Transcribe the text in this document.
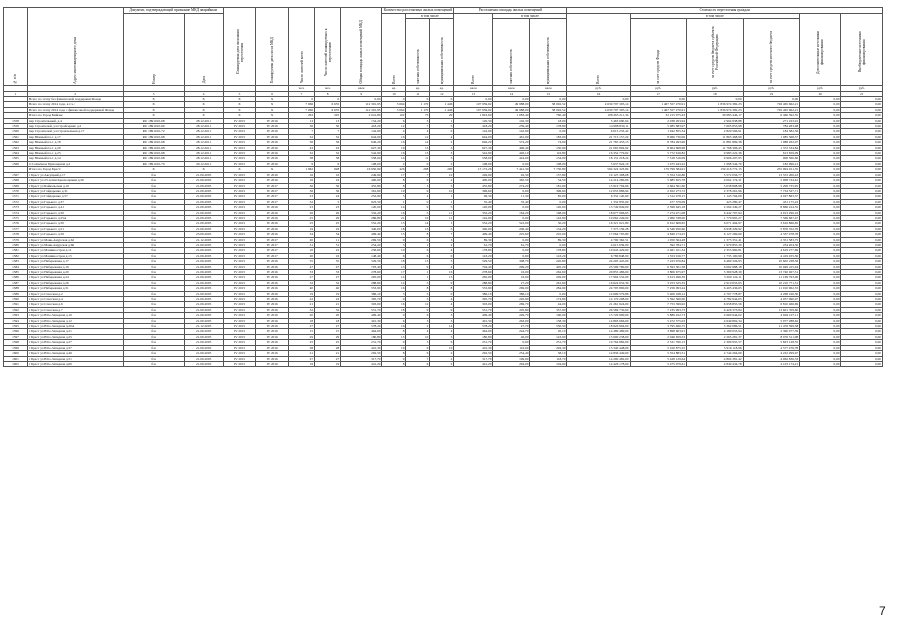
№ п/п	Адрес многоквартирного дома	Документ, подтверждающий признание МКД аварийным		Планируемая дата окончания переселения	Планируемая дата сноса МКД	Число жителей всего	Число жителей планируемых к переселению	Общая площадь жилых помещений МКД	Количество расселяемых жилых помещений			Расселяемая площадь жилых помещений			Стоимость переселения граждан					
		Номер	Дата						Всего	в том числе		Всего	в том числе		Всего	в том числе			Дополнительные источники финансирования	Внебюджетные источники финансирования
										частная собственность	муниципальная собственность		частная собственность	муниципальная собственность		за счет средств Фонда	за счет средств бюджета субъекта Российской Федерации	за счет средств местного бюджета		
						чел.	чел.	кв.м	ед.	ед.	ед.	кв.м	кв.м	кв.м	руб.	руб.	руб.	руб.	руб.	руб.
1	2	3	4	5	6	7	8	9	10	11	12	13	14	15	16	17	18	19	20	21
	Всего по этапу без финансовой поддержки Фонда	X	X	X	X	0	0	0,00	0	0	0	0,00	0,00	0,00	0,00	0,00	0,00	0,00	0,00	0,00
	Всего по этапу 2014 года, в т.ч.:	X	X	X	X	7 066	6 635	112 391,95	3 664	1 170	1 446	107 959,92	49 988,00	58 092,52	4 630 797 305,14	1 467 557 270,91	1 836 974 382,23	726 465 662,21	0,00	0,00
	Всего по этапу 2014 года с финансовой поддержкой Фонда	X	X	X	X	7 066	6 635	112 391,95	3 664	1 170	1 446	107 959,92	49 988,00	58 092,52	4 630 797 305,14	1 467 557 270,91	1 836 974 382,23	726 465 662,21	0,00	0,00
	Итого по Город Бийськ:	X	X	X	X	263	245	2 041,80	102	73	29	1 843,60	1 083,40	760,40	108 265 211,34	32 215 075,63	39 683 446,17	6 466 392,55	0,00	0,00
1558	пер Строительный, д.4	RU 1891010-68	28.12.2011	IV 2015	IV 2016	13	13	154,20	6	5	1	120,30	102,30	18,00	5 463 600,64	2 038 263,94	2 904 938,88	271 163,91	0,00	0,00
1559	пер Строителей, ул.Стройсервис д.2	RU 1891010-69	28.12.2011	IV 2015	IV 2016	36	30	418,20	12	7	5	418,20	239,40	178,80	14 988 830,11	5 085 683,97	7 695 853,98	784 283,98	0,00	0,00
1560	пер Строителей, ул.Строительная д.17	RU 1891010-72	28.12.2011	IV 2015	IV 2016	7	7	142,90	4	4	0	142,90	142,90	0,00	6 015 233,42	1 942 855,34	2 829 566,91	184 582,56	0,00	0,00
1561	пер Южный пл-1 д.17	RU 1891010-68	28.12.2011	IV 2015	IV 2016	32	32	644,00	16	12	4	644,00	461,00	183,00	21 715 157,24	8 966 730,06	11 863 468,99	1 085 368,37	0,00	0,00
1562	пер Южный пл-1 д.18	RU 1891010-68	28.12.2011	IV 2015	IV 2016	36	36	646,20	16	14	2	646,20	572,20	74,00	21 765 453,13	8 784 493,96	11 881 809,38	1 088 262,97	0,00	0,00
1563	пер Южный пл-1 д.20	RU 1891010-68	28.12.2011	IV 2015	IV 2016	43	43	627,30	16	13	3	627,30	496,40	130,90	21 065 804,92	8 604 608,98	11 708 306,45	1 372 334,84	0,00	0,00
1564	пер Южный пл-1 д.23	RU 1891010-68	28.12.2011	IV 2015	IV 2016	32	32	542,90	16	13	3	542,90	426,10	116,80	16 352 779,62	5 772 616,82	9 983 222,36	613 659,09	0,00	0,00
1565	пер Южный пл-1 д.14	RU 1891010-68	28.12.2011	IV 2015	IV 2016	38	38	558,00	14	11	3	558,00	424,00	134,00	18 131 218,24	7 318 516,09	9 906 297,95	906 560,60	0,00	0,00
1566	п Солнечное Приозерная д.2	RU 1891010-70	20.12.2011	IV 2015	IV 2016	9	9	108,00	2	0	2	108,00	0,00	108,00	3 637 924,19	1 475 443,22	1 998 344,70	182 096,21	0,00	0,00
	Итого по Город Брест:	X	X	X	X	1 962	928	16 950,99	426	298	200	15 172,26	7 441,30	7 730,80	594 324 323,84	179 799 584,91	159 216 772,15	255 994 451,35	0,00	0,00
1567	г Брест ул Аксуцкий д.17	б/н	21.09.2005	IV 2015	IV 2016	16	16	249,90	17	7	10	249,90	92,30	157,80	19 125 308,08	5 354 510,86	5 572 056,77	13 553 200,43	0,00	0,00
1568	г Брест ул 23 летия Красноармии д.26	б/н	21.09.2005	IV 2015	IV 2016	16	16	400,00	8	6	2	400,00	365,50	34,50	14 214 280,06	5 685 655,78	4 002 174,31	5 908 724,61	0,00	0,00
1569	г Брест ул Байкальская д.16	б/н	21.09.2005	IV 2015	IV 2017	36	36	455,80	8	3	5	455,80	274,20	181,60	13 919 794,66	2 664 361,60	5 038 808,98	5 299 735,95	0,00	0,00
1570	г Брест ул Гайдаренко д.31	б/н	21.09.2005	IV 2015	IV 2017	36	36	391,60	19	9	10	396,60	0,00	396,60	12 653 886,94	2 652 273,72	2 378 261,96	7 734 327,71	0,00	0,00
1571	г Брест ул Гайдаренко д.57	б/н	21.09.2005	IV 2015	IV 2017	23	24	252,90	5	4	1	96,30	11,30	85,00	6 332 120,60	1 312 478,15	1 143 794,09	4 027 863,37	0,00	0,00
1572	г Брест ул Горького д.37	б/н	21.09.2005	IV 2015	IV 2017	32	5	923,50	1	0	1	35,40	35,40	0,00	1 332 835,00	477 379,09	423 280,47	431 175,22	0,00	0,00
1573	г Брест ул Горького д.41	б/н	21.09.2005	IV 2015	IV 2016	23	23	120,00	14	9	5	120,00	0,00	120,00	13 749 849,00	2 599 645,18	2 294 349,27	8 866 224,55	0,00	0,00
1574	г Брест ул Горького д.50	б/н	21.09.2005	IV 2015	IV 2016	26	26	332,20	16	5	11	332,20	164,20	168,00	18 677 996,63	7 274 471,08	6 442 707,94	4 913 296,16	0,00	0,00
1575	г Брест ул Горького д.25А	б/н	21.09.2005	IV 2015	IV 2016	25	29	286,80	21	10	11	142,90	0,00	142,90	10 062 249,00	1 960 338,00	1 779 905,27	7 569 667,47	0,00	0,00
1576	г Брест ул Горького д.50	б/н	21.09.2005	IV 2015	IV 2016	25	25	552,20	15	14	1	552,20	522,00	30,20	16 321 921,80	6 612 608,65	6 071 494,97	3 616 866,65	0,00	0,00
1577	г Брест ул Горького д.51	б/н	21.09.2005	IV 2015	IV 2016	19	19	340,00	18	13	5	340,00	206,40	134,20	7 375 159,28	6 546 950,60	6 938 329,92	5 876 352,76	0,00	0,00
1578	г Брест ул Горького д.56	б/н	23.09.2005	IV 2015	IV 2016	34	34	409,40	15	8	7	409,40	225,60	210,00	17 064 705,80	4 849 174,25	6 127 269,69	4 337 078,78	0,00	0,00
1579	г Брест ул Маяк-Амурская д.62	б/н	21.12.2005	IV 2015	IV 2017	20	11	269,50	9	6	3	89,30	0,00	89,30	4 790 362,51	1 050 364,28	1 373 351,41	2 351 583,75	0,00	0,00
1580	г Брест ул Маяк-Амурская д.66	б/н	21.09.2005	IV 2015	IV 2017	31	31	254,20	3	1	2	61,70	61,70	0,00	4 615 639,00	592 784,71	1 979 855,30	234 204,30	0,00	0,00
1581	г Брест ул Машиностроя д.11	б/н	21.09.2005	IV 2015	IV 2017	10	22	236,60	10	6	4	178,80	0,00	178,80	10 643 429,00	2 461 101,34	2 353 960,81	4 619 277,69	0,00	0,00
1582	г Брест ул Машиностроя д.13	б/н	21.09.2005	IV 2015	IV 2017	20	16	148,40	6	6	0	143,20	0,00	143,20	6 786 848,00	1 553 016,77	1 735 100,99	4 419 455,36	0,00	0,00
1583	г Брест ул Набережная д.17	б/н	21.09.2005	IV 2015	IV 2016	35	35	529,50	18	13	5	529,50	308,70	220,80	24 295 445,00	7 223 970,84	6 469 326,93	10 602 238,36	0,00	0,00
1584	г Брест ул Набережная д.19	б/н	21.09.2005	IV 2015	IV 2016	47	47	703,40	13	9	4	704,40	299,20	405,20	23 599 780,00	6 593 301,58	6 062 988,18	10 949 415,94	0,00	0,00
1585	г Брест ул Набережная д.20	б/н	21.09.2005	IV 2015	IV 2016	33	33	278,60	17	1	16	278,60	16,00	262,60	20 855 486,00	3 806 675,97	3 369 928,39	13 740 927,31	0,00	0,00
1586	г Брест ул Набережная д.24	б/н	21.09.2005	IV 2015	IV 2016	27	27	265,00	14	1	13	265,00	16,00	249,00	17 994 532,00	3 613 496,39	3 209 124,11	11 169 793,00	0,00	0,00
1587	г Брест ул Набережная д.26	б/н	21.09.2005	IV 2015	IV 2016	32	32	288,80	14	5	9	288,80	27,20	261,60	16 624 632,39	3 253 325,35	2 910 653,65	10 210 771,31	0,00	0,00
1588	г Брест ул Набережная д.31	б/н	21.09.2005	IV 2015	IV 2016	40	40	553,90	16	8	8	553,90	269,00	284,90	24 795 890,00	7 256 093,24	6 403 436,65	11 010 962,55	0,00	0,00
1589	г Брест ул Спасская д.2	б/н	21.09.2005	IV 2015	IV 2016	19	19	386,10	5	5	0	386,10	386,10	0,00	14 699 579,86	5 400 168,12	4 707 778,87	4 268 196,50	0,00	0,00
1590	г Брест ул Спасская д.4	б/н	21.09.2005	IV 2015	IV 2016	22	22	395,70	9	5	4	395,70	220,90	174,80	14 170 298,00	5 592 560,00	4 782 944,05	4 057 990,07	0,00	0,00
1591	г Брест ул Спасская д.6	б/н	21.09.2005	IV 2015	IV 2016	21	21	303,00	16	12	4	303,00	269,70	44,00	21 261 924,00	7 753 399,92	6 658 855,56	6 810 466,69	0,00	0,00
1592	г Брест ул Спасская д.7	б/н	21.09.2005	IV 2015	IV 2016	32	32	551,70	18	9	9	551,70	205,80	357,90	26 569 730,00	7 235 993,73	6 426 373,84	13 601 359,60	0,00	0,00
1593	г Брест ул Юго-Западная д.10	б/н	21.09.2005	IV 2015	IV 2016	20	20	409,40	9	6	3	409,40	249,70	160,00	13 729 990,00	5 889 452,73	4 660 944,02	4 694 107,11	0,00	0,00
1594	г Брест ул Юго-Западная д.12	б/н	21.09.2005	IV 2015	IV 2016	18	18	401,30	6	3	3	401,30	263,00	138,30	14 893 666,00	5 472 575,03	4 649 802,34	5 077 288,62	0,00	0,00
1595	г Брест ул Юго-Западная д.20А	б/н	21.12.2005	IV 2015	IV 2016	27	27	578,20	16	2	14	578,20	27,70	550,50	18 626 994,00	3 795 460,75	3 362 086,51	11 476 399,38	0,00	0,00
1596	г Брест ул Юго-Западная д.21	б/н	21.09.2005	IV 2015	IV 2016	15	15	464,00	8	4	4	464,00	244,70	20,10	14 489 489,00	3 898 603,91	4 180 653,94	2 390 077,39	0,00	0,00
1597	г Брест ул Юго-Западная д.25	б/н	21.09.2005	IV 2015	IV 2016	29	29	180,80	15	10	5	180,80	46,00	143,00	15 600 238,00	2 046 659,53	2 265 281,37	8 035 511,98	0,00	0,00
1598	г Брест ул Юго-Западная д.27	б/н	21.09.2005	IV 2015	IV 2016	25	25	231,70	9	3	6	231,70	0,00	231,70	10 764 882,00	2 531 760,13	2 309 955,57	5 823 128,55	0,00	0,00
1599	г Брест ул Юго-Западная д.37	б/н	21.09.2005	IV 2015	IV 2016	28	28	410,30	16	6	10	410,30	116,00	294,30	15 340 448,00	5 106 875,25	5 916 118,96	4 577 476,78	0,00	0,00
1600	г Брест ул Юго-Западная д.46	б/н	21.09.2005	IV 2015	IV 2016	21	21	292,50	8	6	2	292,50	254,40	38,10	14 836 449,00	5 354 883,31	4 744 264,69	4 222 299,97	0,00	0,00
1601	г Брест ул Юго-Западная д.51	б/н	21.09.2005	IV 2015	IV 2016	27	27	317,70	9	7	2	317,70	199,00	118,70	14 290 482,00	5 428 129,64	4 804 381,42	4 062 836,33	0,00	0,00
1602	г Брест ул Юго-Западная д.60	б/н	21.09.2005	IV 2015	IV 2016	19	19	441,20	8	6	2	441,20	294,00	104,00	14 426 178,00	5 475 979,61	4 849 434,78	4 103 174,21	0,00	0,00
7
